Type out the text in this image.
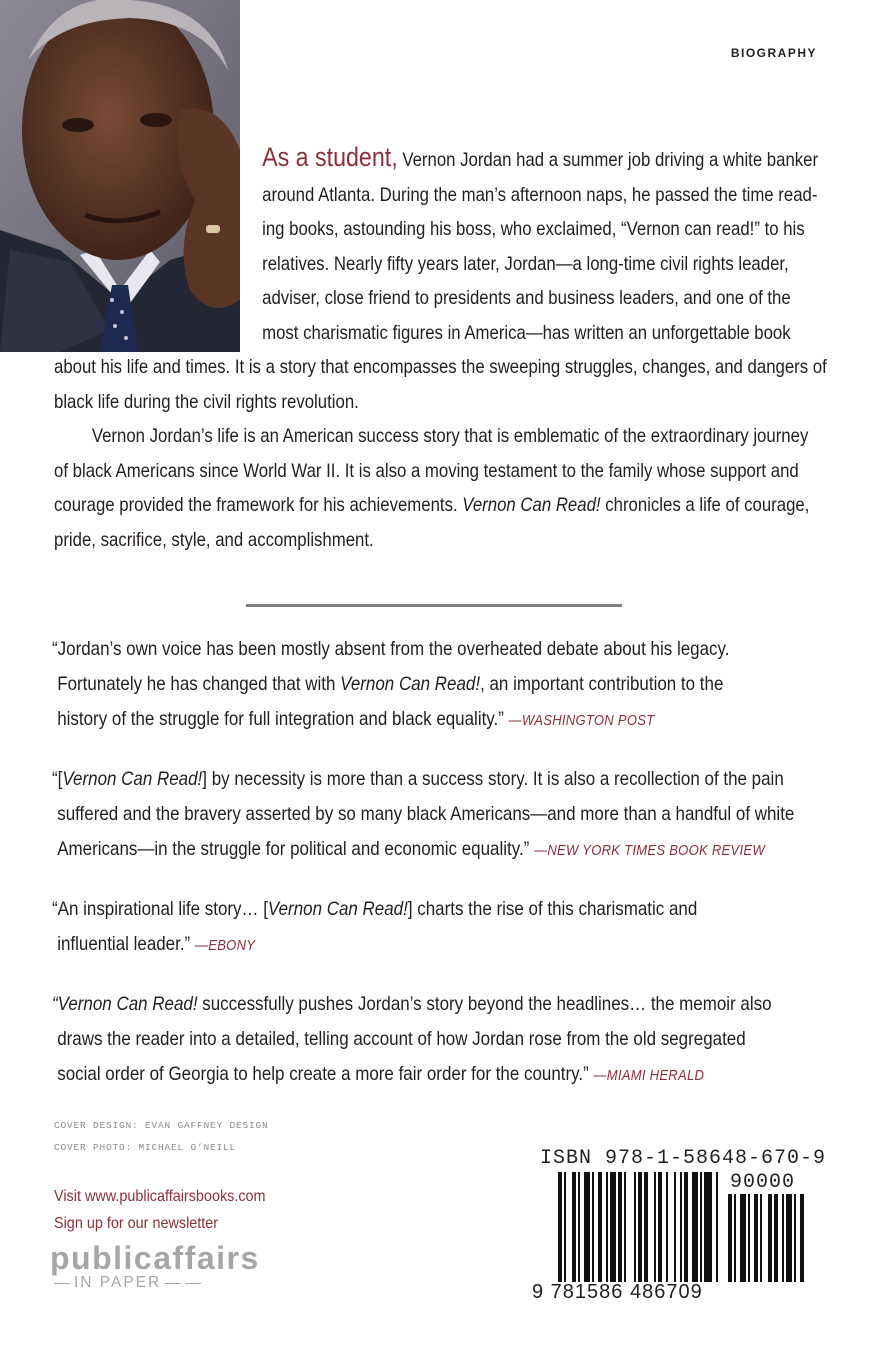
BIOGRAPHY
As a student, Vernon Jordan had a summer job driving a white banker
around Atlanta. During the man’s afternoon naps, he passed the time read-
ing books, astounding his boss, who exclaimed, “Vernon can read!” to his
relatives. Nearly fifty years later, Jordan—a long-time civil rights leader,
adviser, close friend to presidents and business leaders, and one of the
most charismatic figures in America—has written an unforgettable book
about his life and times. It is a story that encompasses the sweeping struggles, changes, and dangers of
black life during the civil rights revolution.
Vernon Jordan’s life is an American success story that is emblematic of the extraordinary journey
of black Americans since World War II. It is also a moving testament to the family whose support and
courage provided the framework for his achievements. Vernon Can Read! chronicles a life of courage,
pride, sacrifice, style, and accomplishment.
“Jordan’s own voice has been mostly absent from the overheated debate about his legacy.
Fortunately he has changed that with Vernon Can Read!, an important contribution to the
history of the struggle for full integration and black equality.” —WASHINGTON POST
“[Vernon Can Read!] by necessity is more than a success story. It is also a recollection of the pain
suffered and the bravery asserted by so many black Americans—and more than a handful of white
Americans—in the struggle for political and economic equality.” —NEW YORK TIMES BOOK REVIEW
“An inspirational life story… [Vernon Can Read!] charts the rise of this charismatic and
influential leader.” —EBONY
“Vernon Can Read! successfully pushes Jordan’s story beyond the headlines… the memoir also
draws the reader into a detailed, telling account of how Jordan rose from the old segregated
social order of Georgia to help create a more fair order for the country.” —MIAMI HERALD
COVER DESIGN: EVAN GAFFNEY DESIGN
COVER PHOTO: MICHAEL O’NEILL
Visit www.publicaffairsbooks.com
Sign up for our newsletter
publicaffairs
IN PAPER
ISBN 978-1-58648-670-9
90000
9 781586 486709
